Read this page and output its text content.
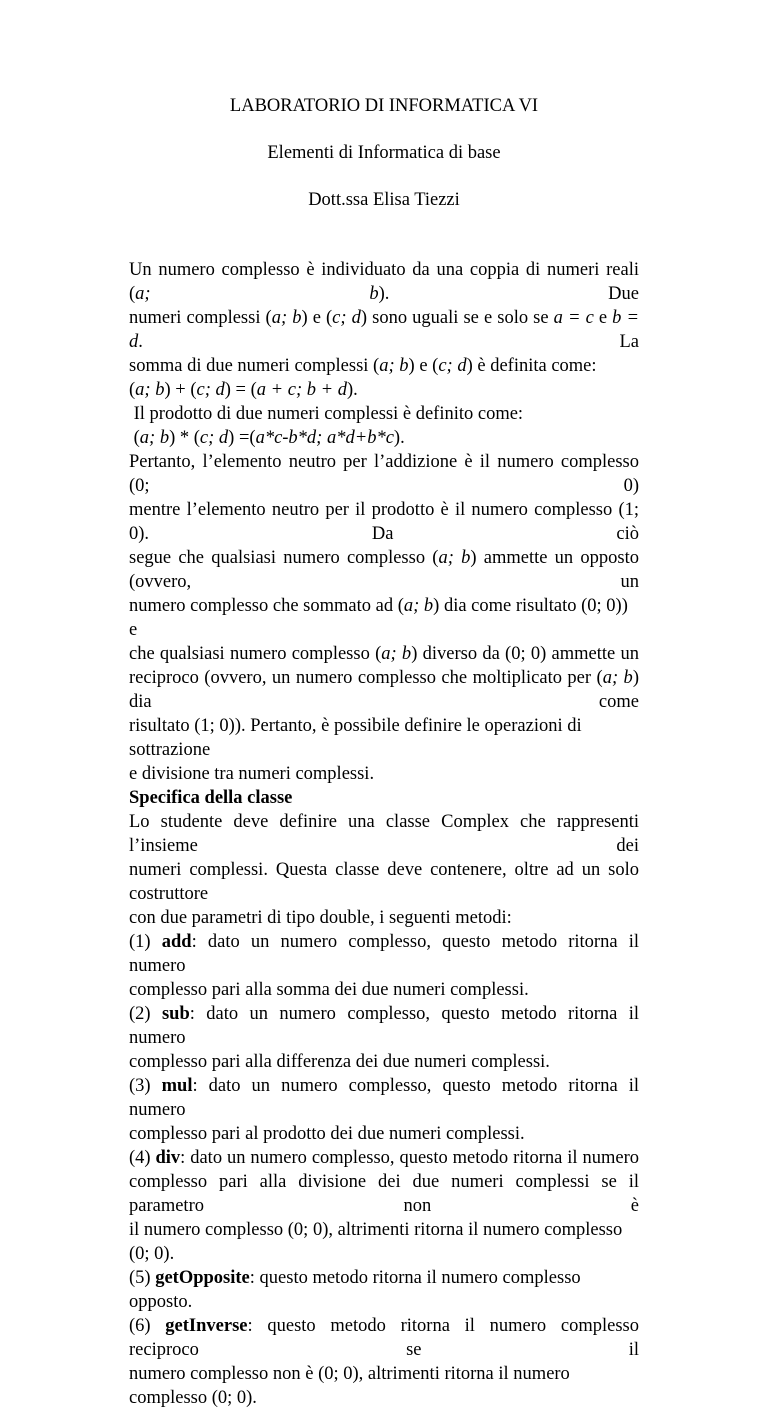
LABORATORIO DI INFORMATICA VI
Elementi di Informatica di base
Dott.ssa Elisa Tiezzi

Un numero complesso è individuato da una coppia di numeri reali (a; b). Due

numeri complessi (a; b) e (c; d) sono uguali se e solo se a = c e b = d. La

somma di due numeri complessi (a; b) e (c; d) è definita come:

(a; b) + (c; d) = (a + c; b + d).

Il prodotto di due numeri complessi è definito come:

(a; b) * (c; d) =(a*c-b*d; a*d+b*c).

Pertanto, l’elemento neutro per l’addizione è il numero complesso (0; 0)

mentre l’elemento neutro per il prodotto è il numero complesso (1; 0). Da ciò

segue che qualsiasi numero complesso (a; b) ammette un opposto (ovvero, un

numero complesso che sommato ad (a; b) dia come risultato (0; 0)) e

che qualsiasi numero complesso (a; b) diverso da (0; 0) ammette un

reciproco (ovvero, un numero complesso che moltiplicato per (a; b) dia come

risultato (1; 0)). Pertanto, è possibile definire le operazioni di sottrazione

e divisione tra numeri complessi.

Specifica della classe

Lo studente deve definire una classe Complex che rappresenti l’insieme dei

numeri complessi. Questa classe deve contenere, oltre ad un solo costruttore

con due parametri di tipo double, i seguenti metodi:

(1) add: dato un numero complesso, questo metodo ritorna il numero

complesso pari alla somma dei due numeri complessi.

(2) sub: dato un numero complesso, questo metodo ritorna il numero

complesso pari alla differenza dei due numeri complessi.

(3) mul: dato un numero complesso, questo metodo ritorna il numero

complesso pari al prodotto dei due numeri complessi.

(4) div: dato un numero complesso, questo metodo ritorna il numero

complesso pari alla divisione dei due numeri complessi se il parametro non è

il numero complesso (0; 0), altrimenti ritorna il numero complesso (0; 0).

(5) getOpposite: questo metodo ritorna il numero complesso opposto.

(6) getInverse: questo metodo ritorna il numero complesso reciproco se il

numero complesso non è (0; 0), altrimenti ritorna il numero complesso (0; 0).
